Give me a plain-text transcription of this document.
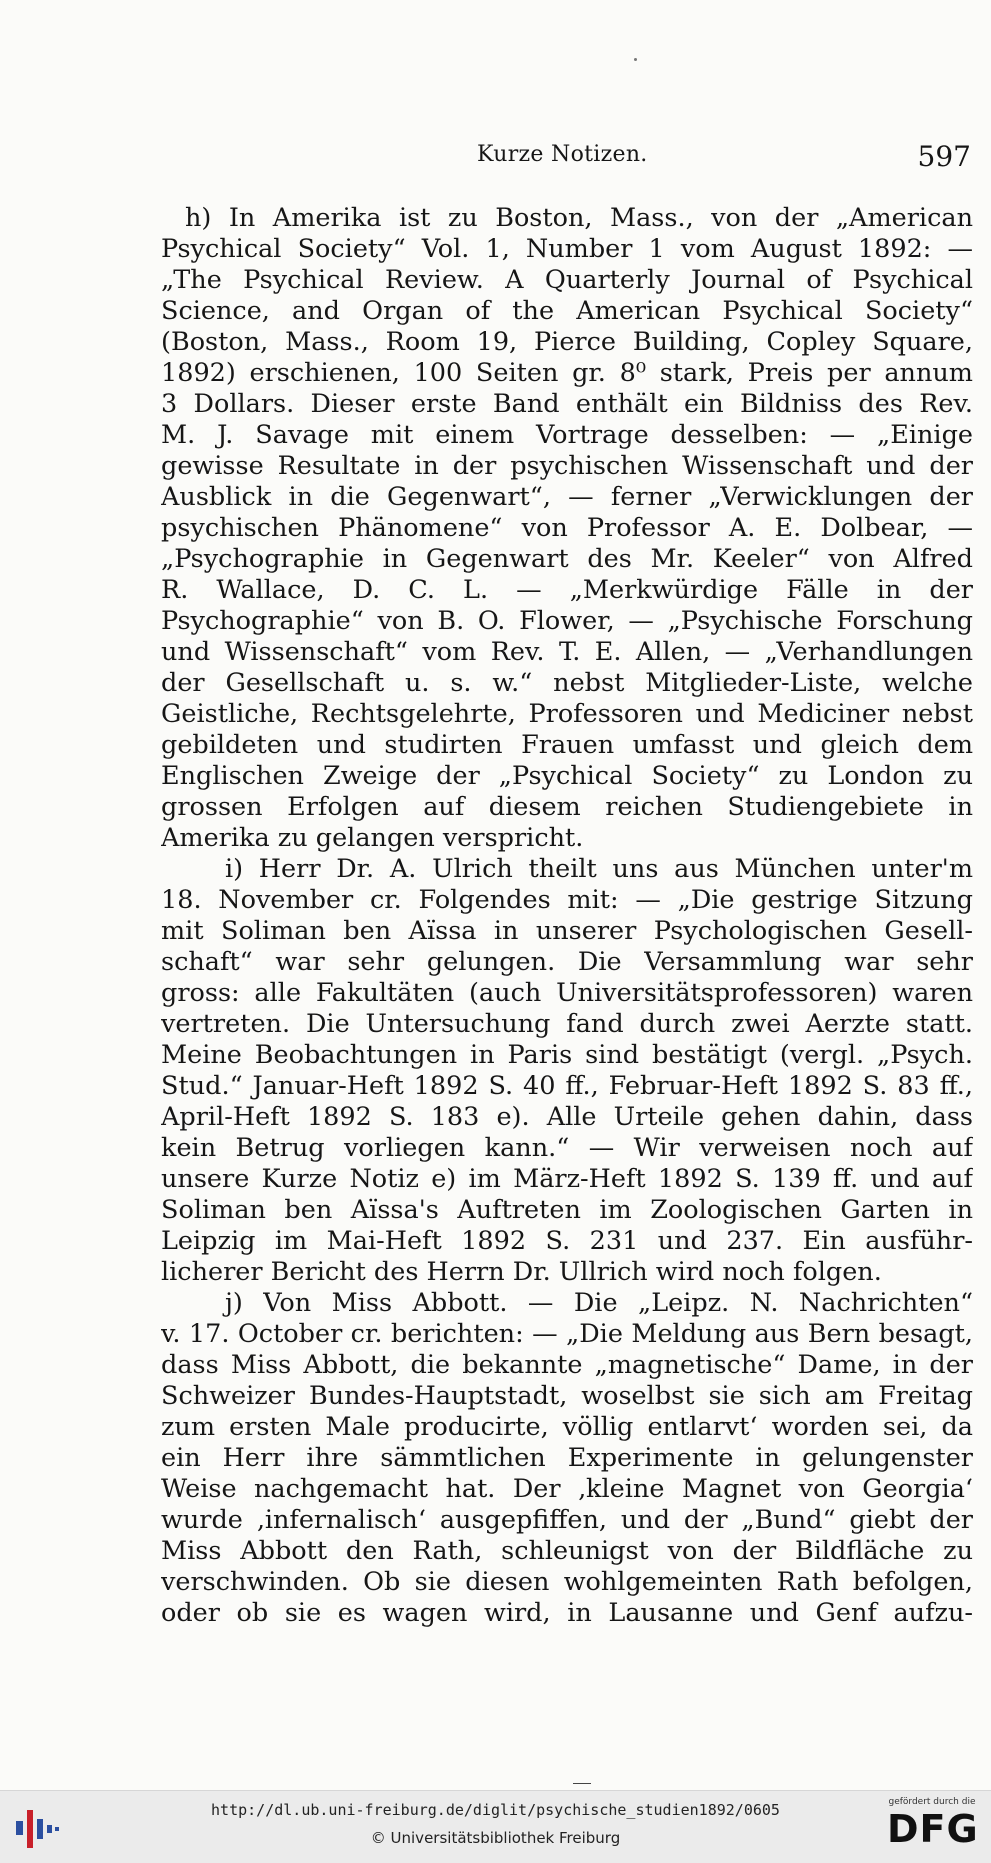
Kurze Notizen.	597
h) In Amerika ist zu Boston, Mass., von der „American
Psychical Society“ Vol. 1, Number 1 vom August 1892: —
„The Psychical Review. A Quarterly Journal of Psychical
Science, and Organ of the American Psychical Society“
(Boston, Mass., Room 19, Pierce Building, Copley Square,
1892) erschienen, 100 Seiten gr. 8⁰ stark, Preis per annum
3 Dollars. Dieser erste Band enthält ein Bildniss des Rev.
M. J. Savage mit einem Vortrage desselben: — „Einige
gewisse Resultate in der psychischen Wissenschaft und der
Ausblick in die Gegenwart“, — ferner „Verwicklungen der
psychischen Phänomene“ von Professor A. E. Dolbear, —
„Psychographie in Gegenwart des Mr. Keeler“ von Alfred
R. Wallace, D. C. L. — „Merkwürdige Fälle in der
Psychographie“ von B. O. Flower, — „Psychische Forschung
und Wissenschaft“ vom Rev. T. E. Allen, — „Verhandlungen
der Gesellschaft u. s. w.“ nebst Mitglieder-Liste, welche
Geistliche, Rechtsgelehrte, Professoren und Mediciner nebst
gebildeten und studirten Frauen umfasst und gleich dem
Englischen Zweige der „Psychical Society“ zu London zu
grossen Erfolgen auf diesem reichen Studiengebiete in
Amerika zu gelangen verspricht.
i) Herr Dr. A. Ulrich theilt uns aus München unter'm
18. November cr. Folgendes mit: — „Die gestrige Sitzung
mit Soliman ben Aïssa in unserer Psychologischen Gesell-
schaft“ war sehr gelungen. Die Versammlung war sehr
gross: alle Fakultäten (auch Universitätsprofessoren) waren
vertreten. Die Untersuchung fand durch zwei Aerzte statt.
Meine Beobachtungen in Paris sind bestätigt (vergl. „Psych.
Stud.“ Januar-Heft 1892 S. 40 ff., Februar-Heft 1892 S. 83 ff.,
April-Heft 1892 S. 183 e). Alle Urteile gehen dahin, dass
kein Betrug vorliegen kann.“ — Wir verweisen noch auf
unsere Kurze Notiz e) im März-Heft 1892 S. 139 ff. und auf
Soliman ben Aïssa's Auftreten im Zoologischen Garten in
Leipzig im Mai-Heft 1892 S. 231 und 237. Ein ausführ-
licherer Bericht des Herrn Dr. Ullrich wird noch folgen.
j) Von Miss Abbott. — Die „Leipz. N. Nachrichten“
v. 17. October cr. berichten: — „Die Meldung aus Bern besagt,
dass Miss Abbott, die bekannte „magnetische“ Dame, in der
Schweizer Bundes-Hauptstadt, woselbst sie sich am Freitag
zum ersten Male producirte, völlig entlarvt‘ worden sei, da
ein Herr ihre sämmtlichen Experimente in gelungenster
Weise nachgemacht hat. Der ‚kleine Magnet von Georgia‘
wurde ‚infernalisch‘ ausgepfiffen, und der „Bund“ giebt der
Miss Abbott den Rath, schleunigst von der Bildfläche zu
verschwinden. Ob sie diesen wohlgemeinten Rath befolgen,
oder ob sie es wagen wird, in Lausanne und Genf aufzu-
http://dl.ub.uni-freiburg.de/diglit/psychische_studien1892/0605
© Universitätsbibliothek Freiburg
gefördert durch die
DFG
